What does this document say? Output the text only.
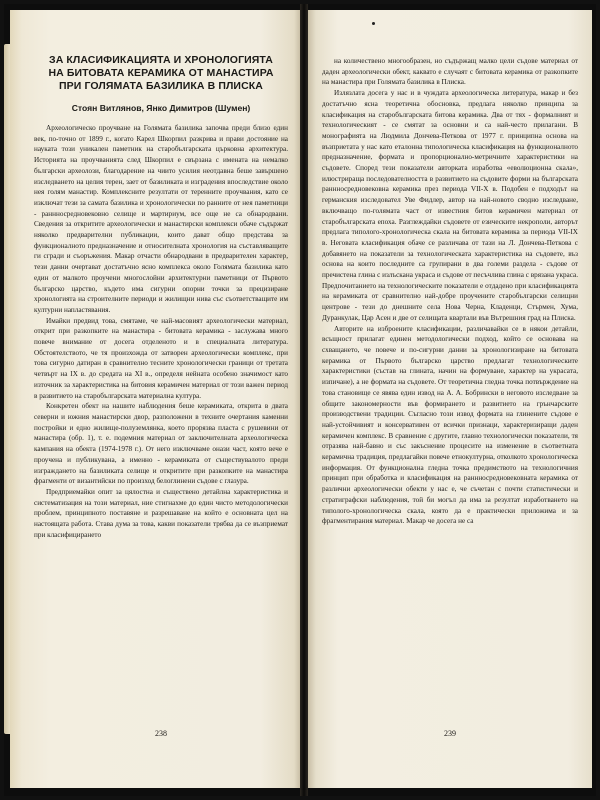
ЗА КЛАСИФИКАЦИЯТА И ХРОНОЛОГИЯТА НА БИТОВАТА КЕРАМИКА ОТ МАНАСТИРА ПРИ ГОЛЯМАТА БАЗИЛИКА В ПЛИСКА
Стоян Витлянов, Янко Димитров (Шумен)

Археологическо проучване на Голямата базилика започва преди близо един век, по-точно от 1899 г., когато Карел Шкорпил разкрива и прави достояние на науката този уникален паметник на старобългарската църковна архитектура. Историята на проучванията след Шкорпил е свързана с имената на немалко български археолози, благодарение на чиито усилия неотдавна беше завършено изследването на целия терен, зает от базиликата и изградения впоследствие около нея голям манастир. Комплексните резултати от теренните проучвания, като се изключат тези за самата базилика и хронологически по ранните от нея паметници - раннносредновековно селище и мартириум, все още не са обнародвани. Сведения за откритите археологически и манастирски комплекси обаче съдържат няколко предварителни публикации, които дават общо представа за функционалното предназначение и относителната хронология на съставляващите ги сгради и съоръжения. Макар отчасти обнародвани в предварителен характер, тези данни очертават достатъчно ясно комплекса около Голямата базилика като един от малкото проучени многослойни архитектурни паметници от Първото българско царство, където има сигурни опорни точки за прецизиране хронологията на строителните периоди и жилищни нива със съответстващите им културни напластявания.

Имайки предвид това, смятаме, че най-масовият археологически материал, открит при разкопките на манастира - битовата керамика - заслужава много повече внимание от досега отделеното и в специалната литература. Обстоятелството, че тя произхожда от затворен археологически комплекс, при това сигурно датиран в сравнително тесните хронологически граници от третата четвърт на IX в. до средата на XI в., определя нейната особено значимост като източник за характеристика на битовия керамичен материал от този важен период в развитието на старобългарската материална култура.

Конкретен обект на нашите наблюдения беше керамиката, открита в двата северни и южния манастирски двор, разположени в техните очертания каменни постройки и едно жилище-полуземлянка, което прорязва пласта с рушевини от манастира (обр. 1), т. е. подемния материал от заключителната археологическа кампания на обекта (1974-1978 г.). От него изключваме онази част, която вече е проучена и публикувана, а именно - керамиката от съществувалото преди изграждането на базиликата селище и откритите при разкопките на манастира фрагменти от византийски по произход белоглинени съдове с глазура.

Предприемайки опит за цялостна и съществено детайлна характеристика и систематизация на този материал, ние стигнахме до един чисто методологически проблем, принципното поставяне и разрешаване на който е основната цел на настоящата работа. Става дума за това, какви показатели трябва да се възприемат при класифицирането

238

на количествено многообразен, но съдържащ малко цели съдове материал от даден археологически обект, каквато е случаят с битовата керамика от разкопките на манастира при Голямата базилика в Плиска.

Излязлата досега у нас и в чуждата археологическа литература, макар и без достатъчно ясна теоретична обосновка, предлага няколко принципа за класификация на старобългарската битова керамика. Два от тях - формалният и технологическият - се смятат за основни и са най-често прилагани. В монографията на Людмила Дончева-Петкова от 1977 г. принципна основа на възприетата у нас като еталонна типологическа класификация на функционалното предназначение, формата и пропорционално-метричните характеристики на съдовете. Според тези показатели авторката изработва «еволюционна скала», илюстрираща последователността в развитието на съдовите форми на българската раннносредновековна керамика през периода VII-X в. Подобен е подходът на германския изследовател Уве Фидлер, автор на най-новото сводно изследване, включващо по-голямата част от известния битов керамичен материал от старобългарската епоха. Разглеждайки съдовете от езическите некрополи, авторът предлага типолого-хронологическа скала на битовата керамика за периода VII-IX в. Неговата класификация обаче се различава от тази на Л. Дончева-Петкова с добавянето на показатели за технологическата характеристика на съдовете, въз основа на които последните са групирани в два големи раздела - съдове от пречистена глина с излъскана украса и съдове от песъчлива глина с врязана украса. Предпочитанието на технологическите показатели е отдадено при класификацията на керамиката от сравнително най-добре проучените старобългарски селищни центрове - тези до днешните села Нова Черна, Кладенци, Стърмен, Хума, Дуранкулак, Цар Асен и две от селищата квартали във Вътрешния град на Плиска.

Авторите на изброените класификации, различавайки се в някои детайли, всъщност прилагат единен методологически подход, който се основава на схващането, че повече и по-сигурни данни за хронологизиране на битовата керамика от Първото българско царство предлагат технологическите характеристики (състав на глината, начин на формуване, характер на украсата, изпичане), а не формата на съдовете. От теоретична гледна точка потвърждение на това становище се явява един извод на А. А. Бобрински в неговото изследване за общите закономерности във формирането и развитието на грънчарските производствени традиции. Съгласно този извод формата на глинените съдове е най-устойчивият и консервативен от всички признаци, характеризиращи даден керамичен комплекс. В сравнение с другите, главно технологически показатели, тя отразява най-бавно и със закъснение процесите на изменение в съответната керамична традиция, предлагайки повече етнокултурна, отколкото хронологическа информация. От функционална гледна точка предимството на технологичния принцип при обработка и класификация на раннносредновековната керамика от различни археологически обекти у нас е, че съчетан с почти статистически и стратиграфски наблюдения, той би могъл да има за резултат изработването на типолого-хронологическа скала, която да е практически приложима и за фрагментирания материал. Макар че досега не са

239
